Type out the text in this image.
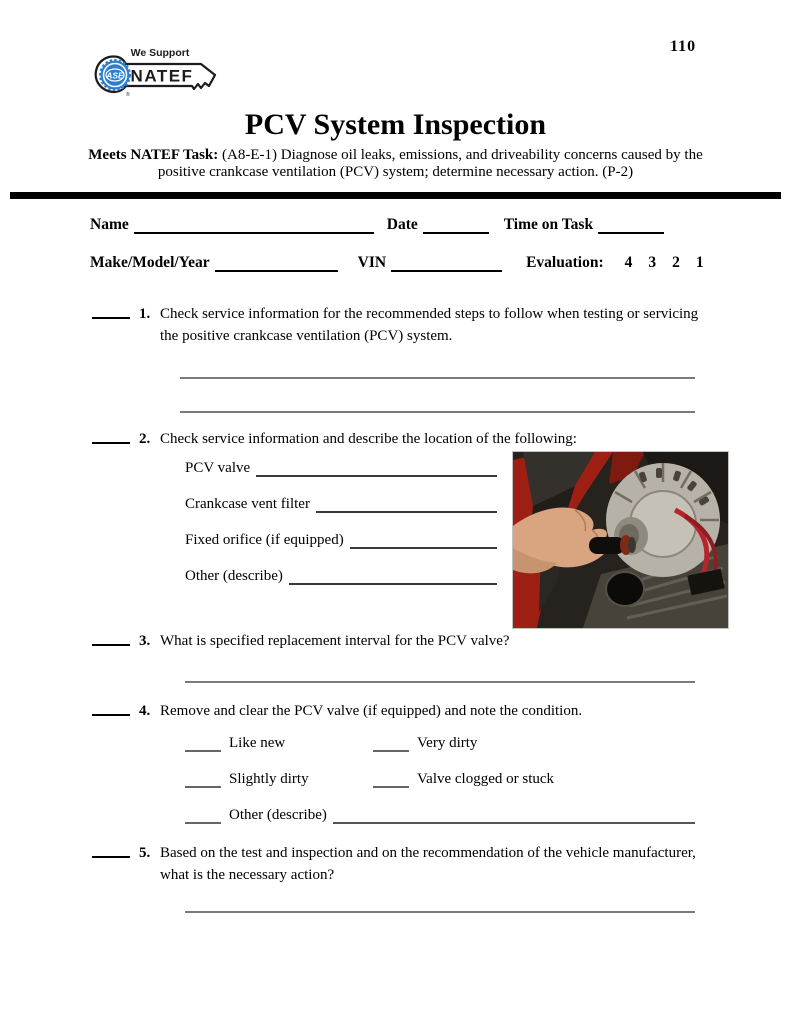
ASE
We Support
NATEF
®
110
PCV System Inspection
Meets NATEF Task: (A8-E-1) Diagnose oil leaks, emissions, and driveability concerns caused by the positive crankcase ventilation (PCV) system; determine necessary action. (P-2)
Name	Date	Time on Task
Make/Model/Year	VIN	Evaluation: 4 3 2 1
1. Check service information for the recommended steps to follow when testing or servicing the positive crankcase ventilation (PCV) system.
2. Check service information and describe the location of the following:
PCV valve
Crankcase vent filter
Fixed orifice (if equipped)
Other (describe)
3. What is specified replacement interval for the PCV valve?
4. Remove and clear the PCV valve (if equipped) and note the condition.
Like new	Very dirty
Slightly dirty	Valve clogged or stuck
Other (describe)
5. Based on the test and inspection and on the recommendation of the vehicle manufacturer, what is the necessary action?
